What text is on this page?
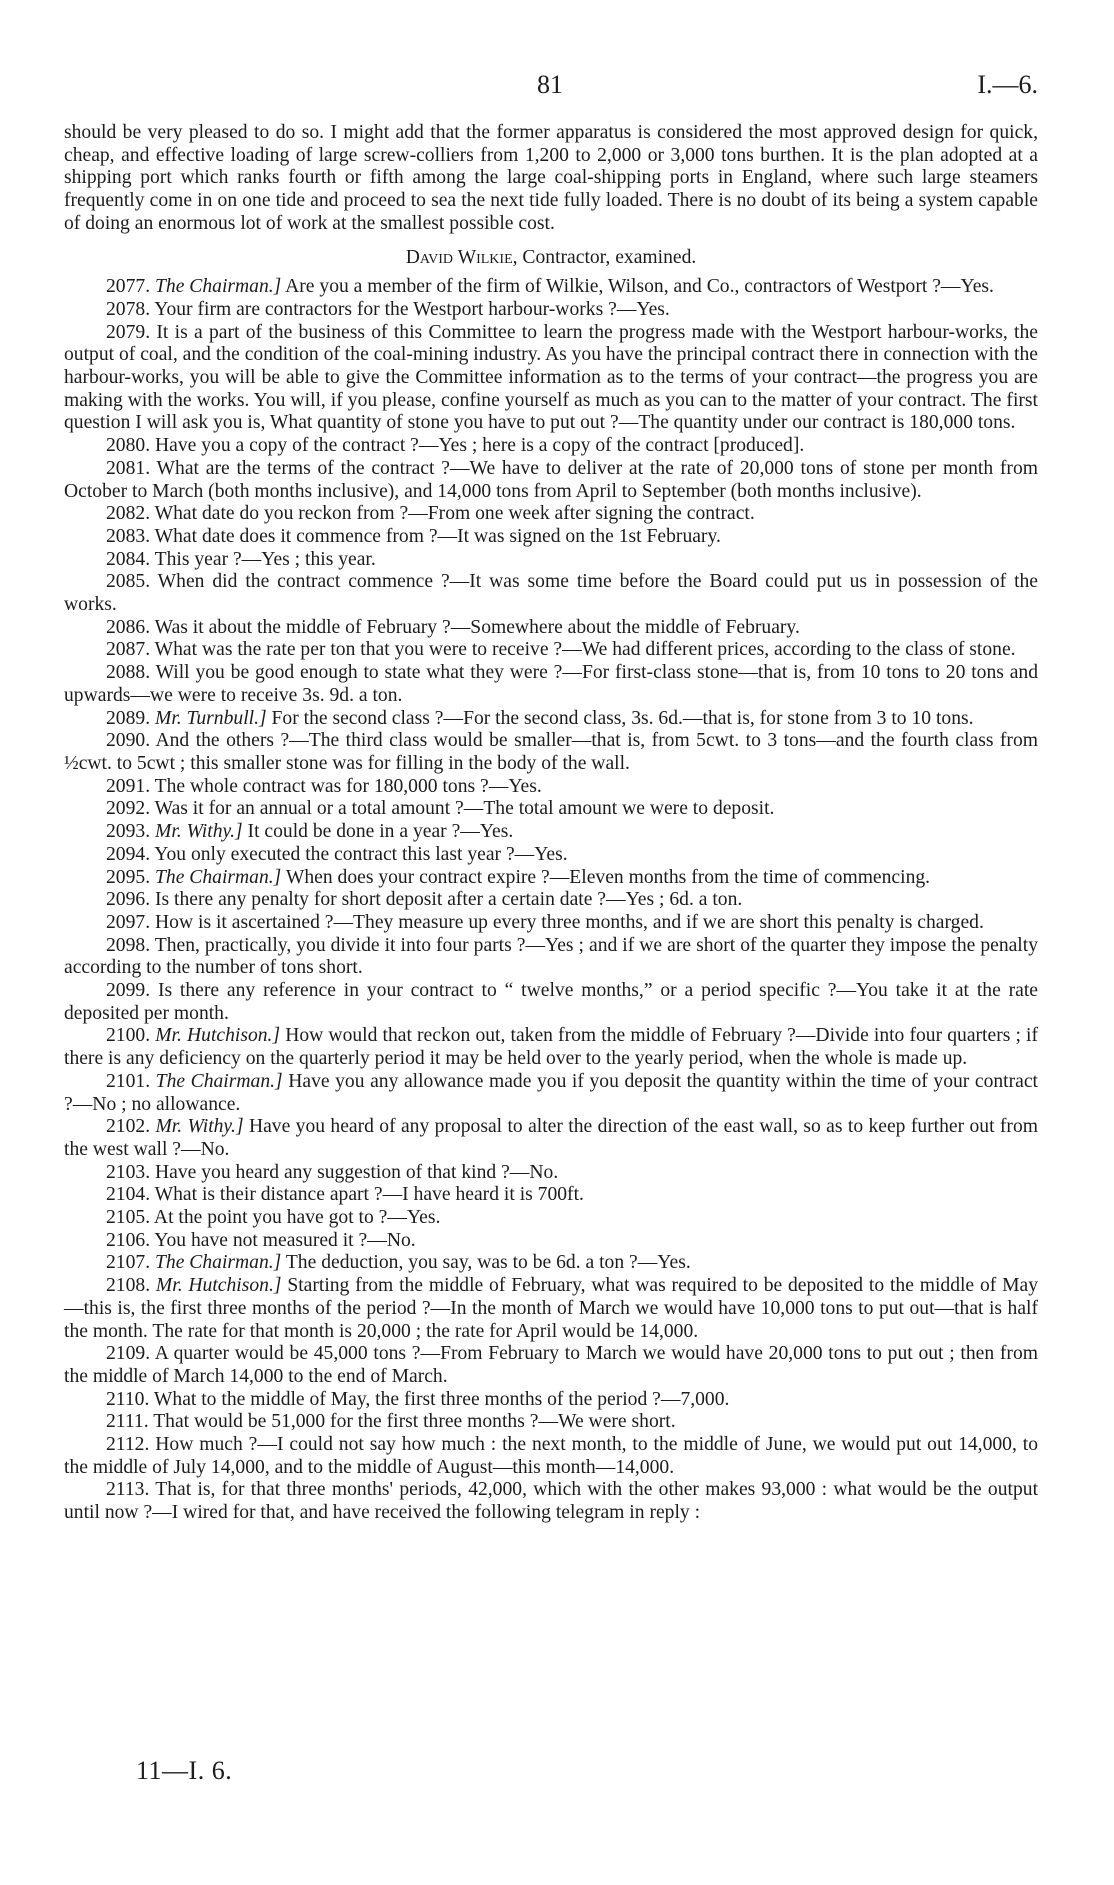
81	I.—6.

should be very pleased to do so. I might add that the former apparatus is considered the most approved design for quick, cheap, and effective loading of large screw-colliers from 1,200 to 2,000 or 3,000 tons burthen. It is the plan adopted at a shipping port which ranks fourth or fifth among the large coal-shipping ports in England, where such large steamers frequently come in on one tide and proceed to sea the next tide fully loaded. There is no doubt of its being a system capable of doing an enormous lot of work at the smallest possible cost.

David Wilkie, Contractor, examined.

2077. The Chairman.] Are you a member of the firm of Wilkie, Wilson, and Co., contractors of Westport ?—Yes.

2078. Your firm are contractors for the Westport harbour-works ?—Yes.

2079. It is a part of the business of this Committee to learn the progress made with the Westport harbour-works, the output of coal, and the condition of the coal-mining industry. As you have the principal contract there in connection with the harbour-works, you will be able to give the Committee information as to the terms of your contract—the progress you are making with the works. You will, if you please, confine yourself as much as you can to the matter of your contract. The first question I will ask you is, What quantity of stone you have to put out ?—The quantity under our contract is 180,000 tons.

2080. Have you a copy of the contract ?—Yes ; here is a copy of the contract [produced].

2081. What are the terms of the contract ?—We have to deliver at the rate of 20,000 tons of stone per month from October to March (both months inclusive), and 14,000 tons from April to September (both months inclusive).

2082. What date do you reckon from ?—From one week after signing the contract.

2083. What date does it commence from ?—It was signed on the 1st February.

2084. This year ?—Yes ; this year.

2085. When did the contract commence ?—It was some time before the Board could put us in possession of the works.

2086. Was it about the middle of February ?—Somewhere about the middle of February.

2087. What was the rate per ton that you were to receive ?—We had different prices, according to the class of stone.

2088. Will you be good enough to state what they were ?—For first-class stone—that is, from 10 tons to 20 tons and upwards—we were to receive 3s. 9d. a ton.

2089. Mr. Turnbull.] For the second class ?—For the second class, 3s. 6d.—that is, for stone from 3 to 10 tons.

2090. And the others ?—The third class would be smaller—that is, from 5cwt. to 3 tons—and the fourth class from ½cwt. to 5cwt ; this smaller stone was for filling in the body of the wall.

2091. The whole contract was for 180,000 tons ?—Yes.

2092. Was it for an annual or a total amount ?—The total amount we were to deposit.

2093. Mr. Withy.] It could be done in a year ?—Yes.

2094. You only executed the contract this last year ?—Yes.

2095. The Chairman.] When does your contract expire ?—Eleven months from the time of commencing.

2096. Is there any penalty for short deposit after a certain date ?—Yes ; 6d. a ton.

2097. How is it ascertained ?—They measure up every three months, and if we are short this penalty is charged.

2098. Then, practically, you divide it into four parts ?—Yes ; and if we are short of the quarter they impose the penalty according to the number of tons short.

2099. Is there any reference in your contract to “ twelve months,” or a period specific ?—You take it at the rate deposited per month.

2100. Mr. Hutchison.] How would that reckon out, taken from the middle of February ?—Divide into four quarters ; if there is any deficiency on the quarterly period it may be held over to the yearly period, when the whole is made up.

2101. The Chairman.] Have you any allowance made you if you deposit the quantity within the time of your contract ?—No ; no allowance.

2102. Mr. Withy.] Have you heard of any proposal to alter the direction of the east wall, so as to keep further out from the west wall ?—No.

2103. Have you heard any suggestion of that kind ?—No.

2104. What is their distance apart ?—I have heard it is 700ft.

2105. At the point you have got to ?—Yes.

2106. You have not measured it ?—No.

2107. The Chairman.] The deduction, you say, was to be 6d. a ton ?—Yes.

2108. Mr. Hutchison.] Starting from the middle of February, what was required to be deposited to the middle of May—this is, the first three months of the period ?—In the month of March we would have 10,000 tons to put out—that is half the month. The rate for that month is 20,000 ; the rate for April would be 14,000.

2109. A quarter would be 45,000 tons ?—From February to March we would have 20,000 tons to put out ; then from the middle of March 14,000 to the end of March.

2110. What to the middle of May, the first three months of the period ?—7,000.

2111. That would be 51,000 for the first three months ?—We were short.

2112. How much ?—I could not say how much : the next month, to the middle of June, we would put out 14,000, to the middle of July 14,000, and to the middle of August—this month—14,000.

2113. That is, for that three months' periods, 42,000, which with the other makes 93,000 : what would be the output until now ?—I wired for that, and have received the following telegram in reply :

11—I. 6.
